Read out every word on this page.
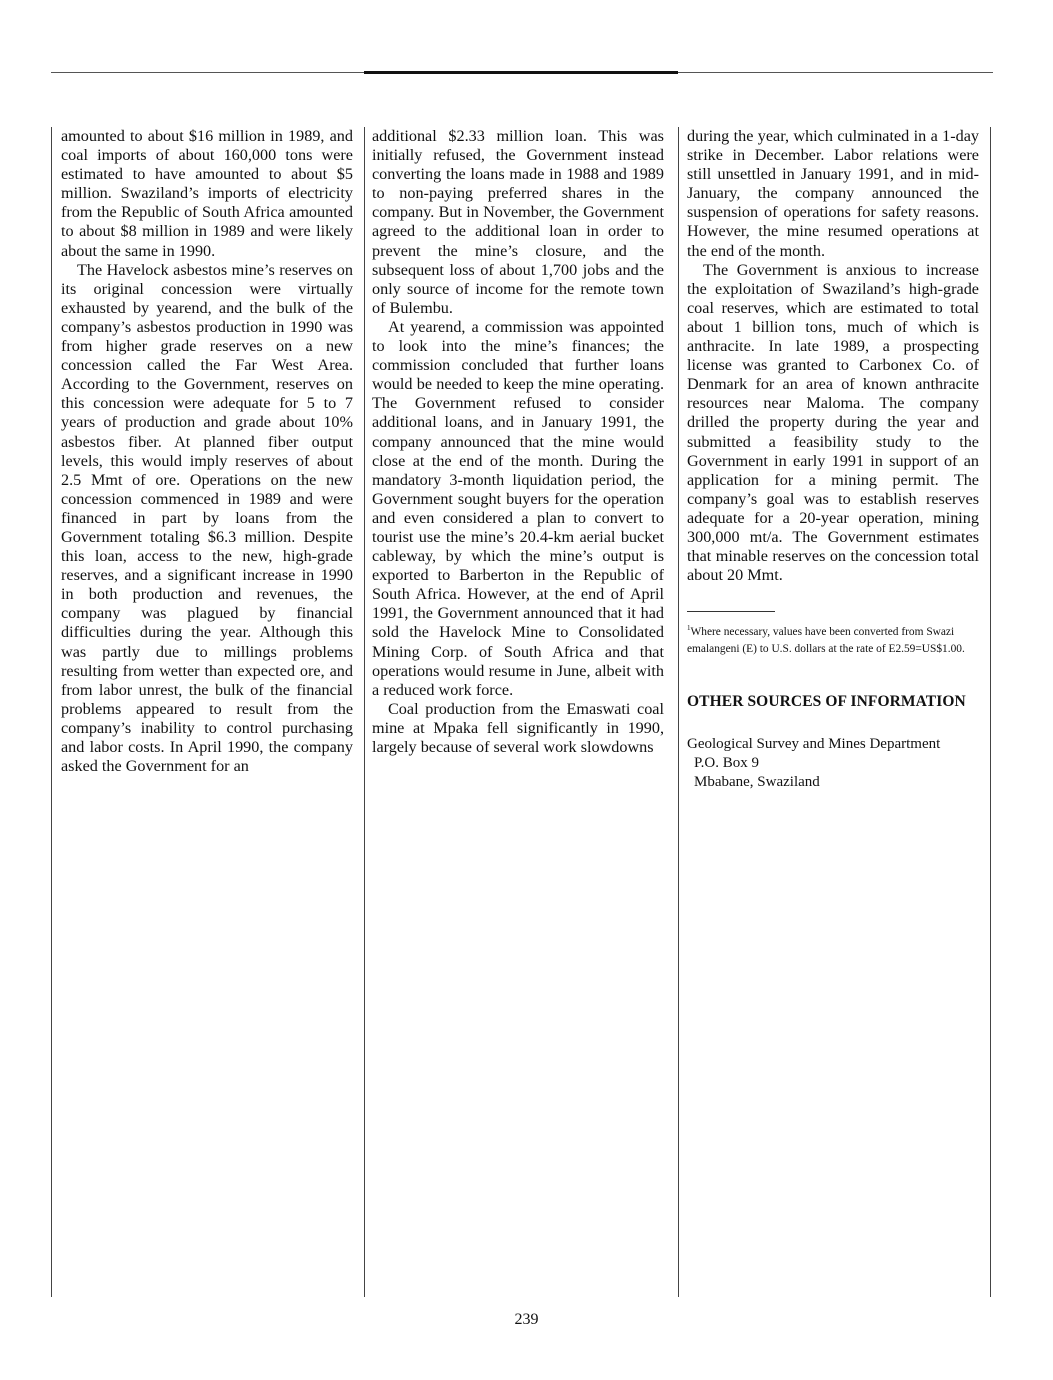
amounted to about $16 million in 1989, and coal imports of about 160,000 tons were estimated to have amounted to about $5 million. Swaziland’s imports of electricity from the Republic of South Africa amounted to about $8 million in 1989 and were likely about the same in 1990.

The Havelock asbestos mine’s reserves on its original concession were virtually exhausted by yearend, and the bulk of the company’s asbestos production in 1990 was from higher grade reserves on a new concession called the Far West Area. According to the Government, reserves on this concession were adequate for 5 to 7 years of production and grade about 10% asbestos fiber. At planned fiber output levels, this would imply reserves of about 2.5 Mmt of ore. Operations on the new concession commenced in 1989 and were financed in part by loans from the Government totaling $6.3 million. Despite this loan, access to the new, high-grade reserves, and a significant increase in 1990 in both production and revenues, the company was plagued by financial difficulties during the year. Although this was partly due to millings problems resulting from wetter than expected ore, and from labor unrest, the bulk of the financial problems appeared to result from the company’s inability to control purchasing and labor costs. In April 1990, the company asked the Government for an

additional $2.33 million loan. This was initially refused, the Government instead converting the loans made in 1988 and 1989 to non-paying preferred shares in the company. But in November, the Government agreed to the additional loan in order to prevent the mine’s closure, and the subsequent loss of about 1,700 jobs and the only source of income for the remote town of Bulembu.

At yearend, a commission was appointed to look into the mine’s finances; the commission concluded that further loans would be needed to keep the mine operating. The Government refused to consider additional loans, and in January 1991, the company announced that the mine would close at the end of the month. During the mandatory 3-month liquidation period, the Government sought buyers for the operation and even considered a plan to convert to tourist use the mine’s 20.4-km aerial bucket cableway, by which the mine’s output is exported to Barberton in the Republic of South Africa. However, at the end of April 1991, the Government announced that it had sold the Havelock Mine to Consolidated Mining Corp. of South Africa and that operations would resume in June, albeit with a reduced work force.

Coal production from the Emaswati coal mine at Mpaka fell significantly in 1990, largely because of several work slowdowns

during the year, which culminated in a 1-day strike in December. Labor relations were still unsettled in January 1991, and in mid-January, the company announced the suspension of operations for safety reasons. However, the mine resumed operations at the end of the month.

The Government is anxious to increase the exploitation of Swaziland’s high-grade coal reserves, which are estimated to total about 1 billion tons, much of which is anthracite. In late 1989, a prospecting license was granted to Carbonex Co. of Denmark for an area of known anthracite resources near Maloma. The company drilled the property during the year and submitted a feasibility study to the Government in early 1991 in support of an application for a mining permit. The company’s goal was to establish reserves adequate for a 20-year operation, mining 300,000 mt/a. The Government estimates that minable reserves on the concession total about 20 Mmt.

$^1$Where necessary, values have been converted from Swazi emalangeni (E) to U.S. dollars at the rate of E2.59=US$1.00.
OTHER SOURCES OF INFORMATION
Geological Survey and Mines Department
P.O. Box 9
Mbabane, Swaziland
239
